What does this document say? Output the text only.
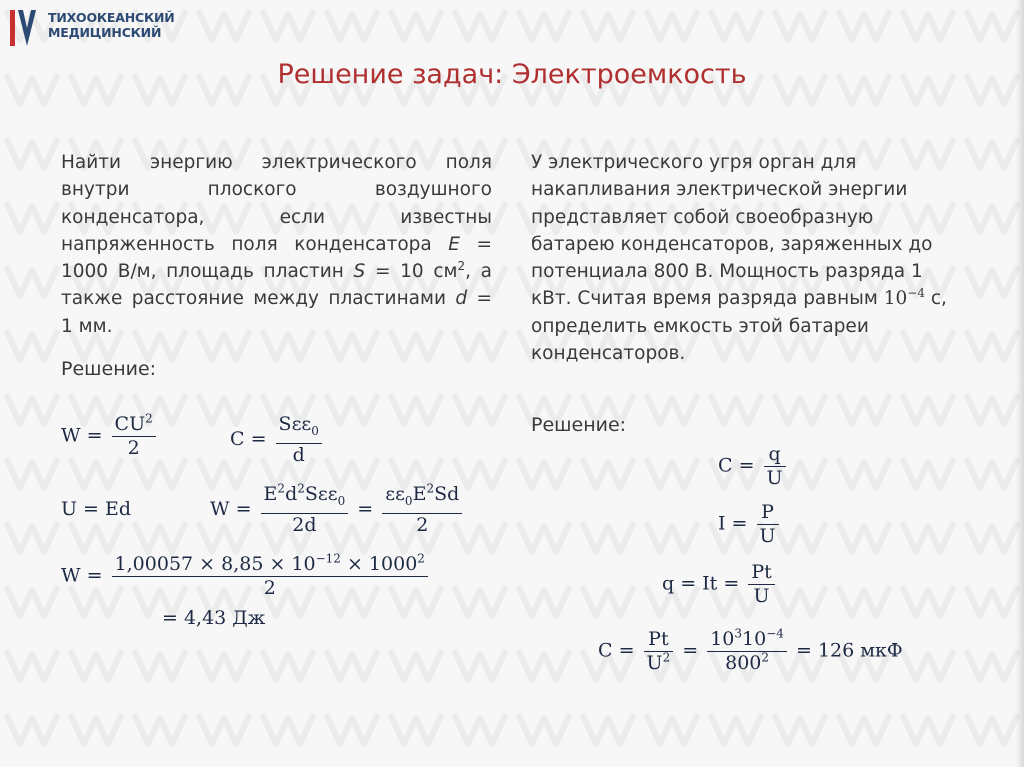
ТИХООКЕАНСКИЙ
МЕДИЦИНСКИЙ
Решение задач: Электроемкость
Найти энергию электрического поля внутри плоского воздушного конденсатора, если известны напряженность поля конденсатора E = 1000 В/м, площадь пластин S = 10 $см^2$, а также расстояние между пластинами d = 1 мм.
Решение:
$W = \frac{CU^2}{2}$	$C = \frac{S\varepsilon\varepsilon_0}{d}$
U = Ed	$W = \frac{E^2d^2S\varepsilon\varepsilon_0}{2d} = \frac{\varepsilon\varepsilon_0E^2Sd}{2}$
$W = \frac{1,00057 \times 8,85 \times 10^{-12} \times 1000^2}{2}$
= 4,43 Дж
У электрического угря орган для накапливания электрической энергии представляет собой своеобразную батарею конденсаторов, заряженных до потенциала 800 В. Мощность разряда 1 кВт. Считая время разряда равным $10^{-4}$ с, определить емкость этой батареи конденсаторов.
Решение:
$C = \frac{q}{U}$
$I = \frac{P}{U}$
$q = It = \frac{Pt}{U}$
$C = \frac{Pt}{U^2} = \frac{10^310^{-4}}{800^2} = 126$ мкФ
